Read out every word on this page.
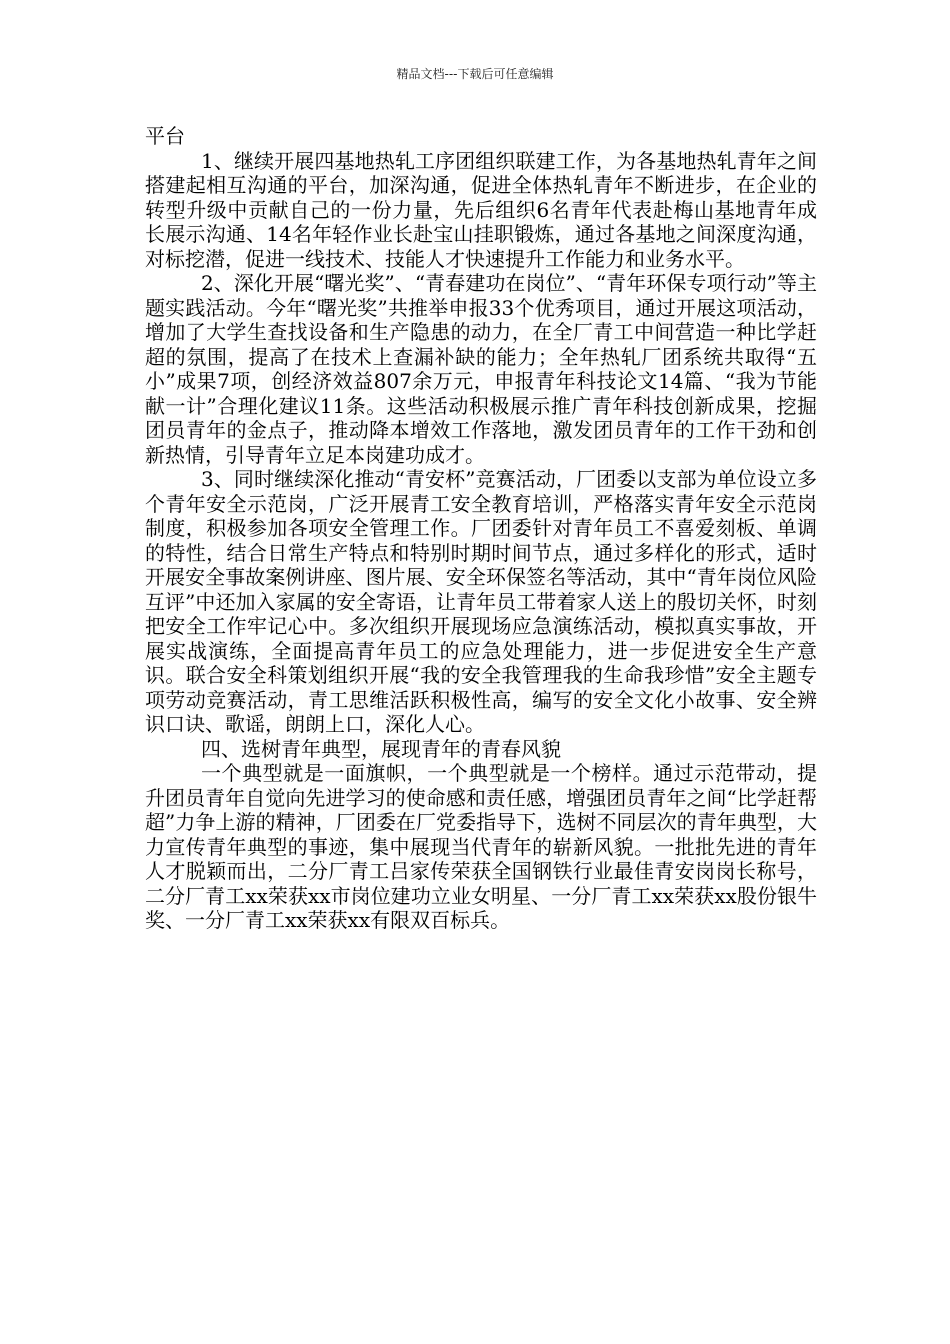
精品文档---下载后可任意编辑

平台

1、继续开展四基地热轧工序团组织联建工作，为各基地热轧青年之间搭建起相互沟通的平台，加深沟通，促进全体热轧青年不断进步，在企业的转型升级中贡献自己的一份力量，先后组织6名青年代表赴梅山基地青年成长展示沟通、14名年轻作业长赴宝山挂职锻炼，通过各基地之间深度沟通，对标挖潜，促进一线技术、技能人才快速提升工作能力和业务水平。

2、深化开展“曙光奖”、“青春建功在岗位”、“青年环保专项行动”等主题实践活动。今年“曙光奖”共推举申报33个优秀项目，通过开展这项活动，增加了大学生查找设备和生产隐患的动力，在全厂青工中间营造一种比学赶超的氛围，提高了在技术上查漏补缺的能力；全年热轧厂团系统共取得“五小”成果7项，创经济效益807余万元，申报青年科技论文14篇、“我为节能献一计”合理化建议11条。这些活动积极展示推广青年科技创新成果，挖掘团员青年的金点子，推动降本增效工作落地，激发团员青年的工作干劲和创新热情，引导青年立足本岗建功成才。

3、同时继续深化推动“青安杯”竞赛活动，厂团委以支部为单位设立多个青年安全示范岗，广泛开展青工安全教育培训，严格落实青年安全示范岗制度，积极参加各项安全管理工作。厂团委针对青年员工不喜爱刻板、单调的特性，结合日常生产特点和特别时期时间节点，通过多样化的形式，适时开展安全事故案例讲座、图片展、安全环保签名等活动，其中“青年岗位风险互评”中还加入家属的安全寄语，让青年员工带着家人送上的殷切关怀，时刻把安全工作牢记心中。多次组织开展现场应急演练活动，模拟真实事故，开展实战演练，全面提高青年员工的应急处理能力，进一步促进安全生产意识。联合安全科策划组织开展“我的安全我管理我的生命我珍惜”安全主题专项劳动竞赛活动，青工思维活跃积极性高，编写的安全文化小故事、安全辨识口诀、歌谣，朗朗上口，深化人心。

四、选树青年典型，展现青年的青春风貌

一个典型就是一面旗帜，一个典型就是一个榜样。通过示范带动，提升团员青年自觉向先进学习的使命感和责任感，增强团员青年之间“比学赶帮超”力争上游的精神，厂团委在厂党委指导下，选树不同层次的青年典型，大力宣传青年典型的事迹，集中展现当代青年的崭新风貌。一批批先进的青年人才脱颖而出，二分厂青工吕家传荣获全国钢铁行业最佳青安岗岗长称号，二分厂青工xx荣获xx市岗位建功立业女明星、一分厂青工xx荣获xx股份银牛奖、一分厂青工xx荣获xx有限双百标兵。
